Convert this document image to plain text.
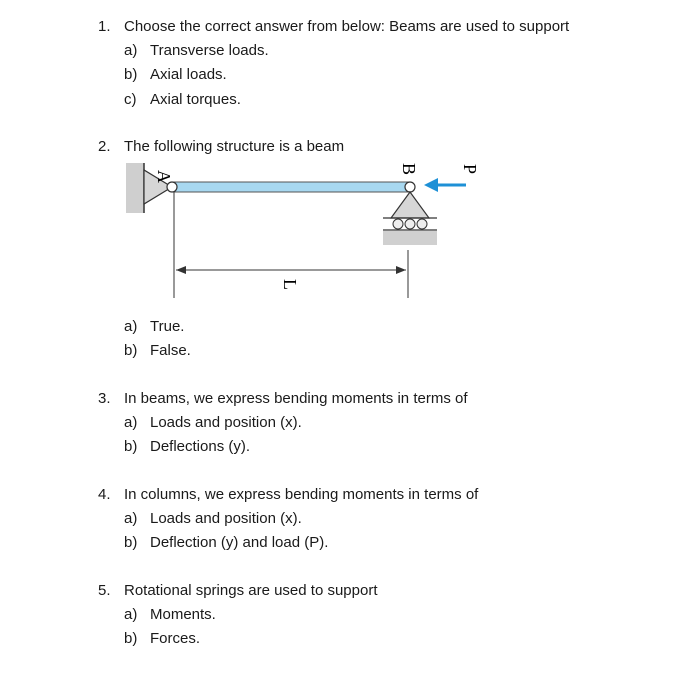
1. Choose the correct answer from below: Beams are used to support
a) Transverse loads.
b) Axial loads.
c) Axial torques.
2. The following structure is a beam
A
B P
L
a) True.
b) False.
3. In beams, we express bending moments in terms of
a) Loads and position (x).
b) Deflections (y).
4. In columns, we express bending moments in terms of
a) Loads and position (x).
b) Deflection (y) and load (P).
5. Rotational springs are used to support
a) Moments.
b) Forces.
